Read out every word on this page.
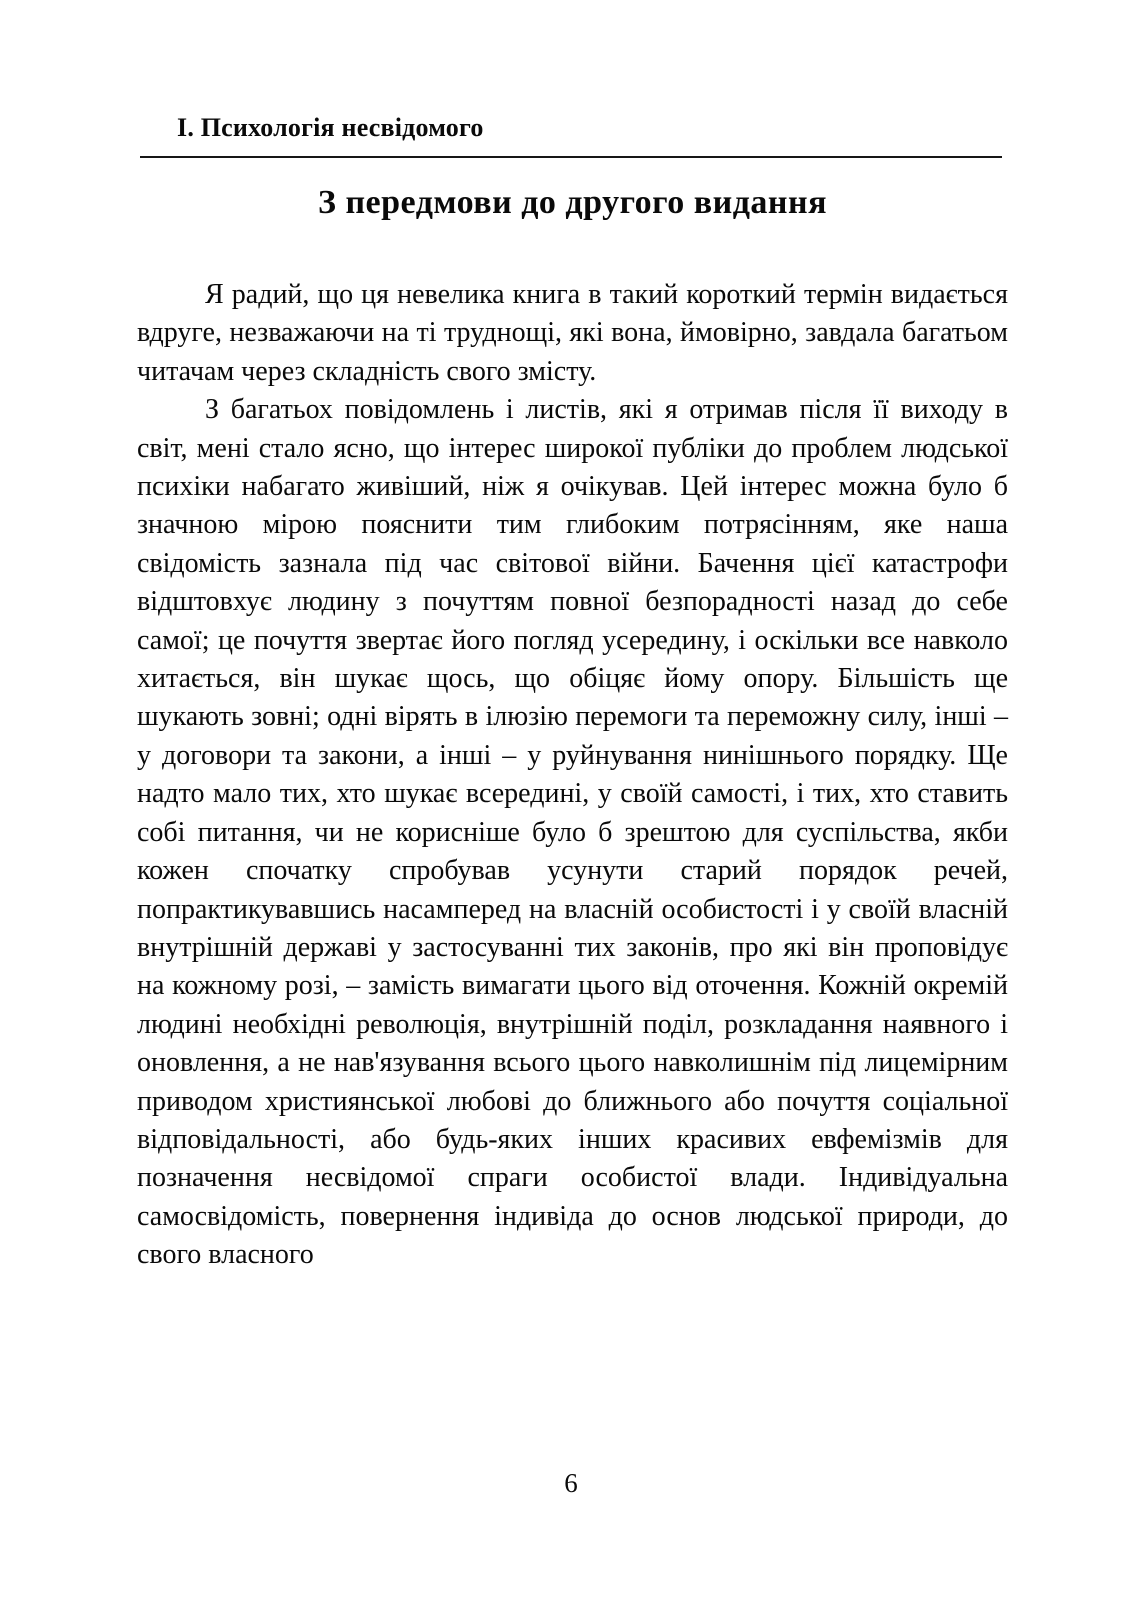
І. Психологія несвідомого
З передмови до другого видання

Я радий, що ця невелика книга в такий короткий термін видається вдруге, незважаючи на ті труднощі, які вона, ймовірно, завдала багатьом читачам через складність свого змісту.

З багатьох повідомлень і листів, які я отримав після її виходу в світ, мені стало ясно, що інтерес широкої публіки до проблем людської психіки набагато живіший, ніж я очікував. Цей інтерес можна було б значною мірою пояснити тим глибоким потрясінням, яке наша свідомість зазнала під час світової війни. Бачення цієї катастрофи відштовхує людину з почуттям повної безпорадності назад до себе самої; це почуття звертає його погляд усередину, і оскільки все навколо хитається, він шукає щось, що обіцяє йому опору. Більшість ще шукають зовні; одні вірять в ілюзію перемоги та переможну силу, інші – у договори та закони, а інші – у руйнування нинішнього порядку. Ще надто мало тих, хто шукає всередині, у своїй самості, і тих, хто ставить собі питання, чи не корисніше було б зрештою для суспільства, якби кожен спочатку спробував усунути старий порядок речей, попрактикувавшись насамперед на власній особистості і у своїй власній внутрішній державі у застосуванні тих законів, про які він проповідує на кожному розі, – замість вимагати цього від оточення. Кожній окремій людині необхідні революція, внутрішній поділ, розкладання наявного і оновлення, а не нав'язування всього цього навколишнім під лицемірним приводом християнської любові до ближнього або почуття соціальної відповідальності, або будь-яких інших красивих евфемізмів для позначення несвідомої спраги особистої влади. Індивідуальна самосвідомість, повернення індивіда до основ людської природи, до свого власного

6
